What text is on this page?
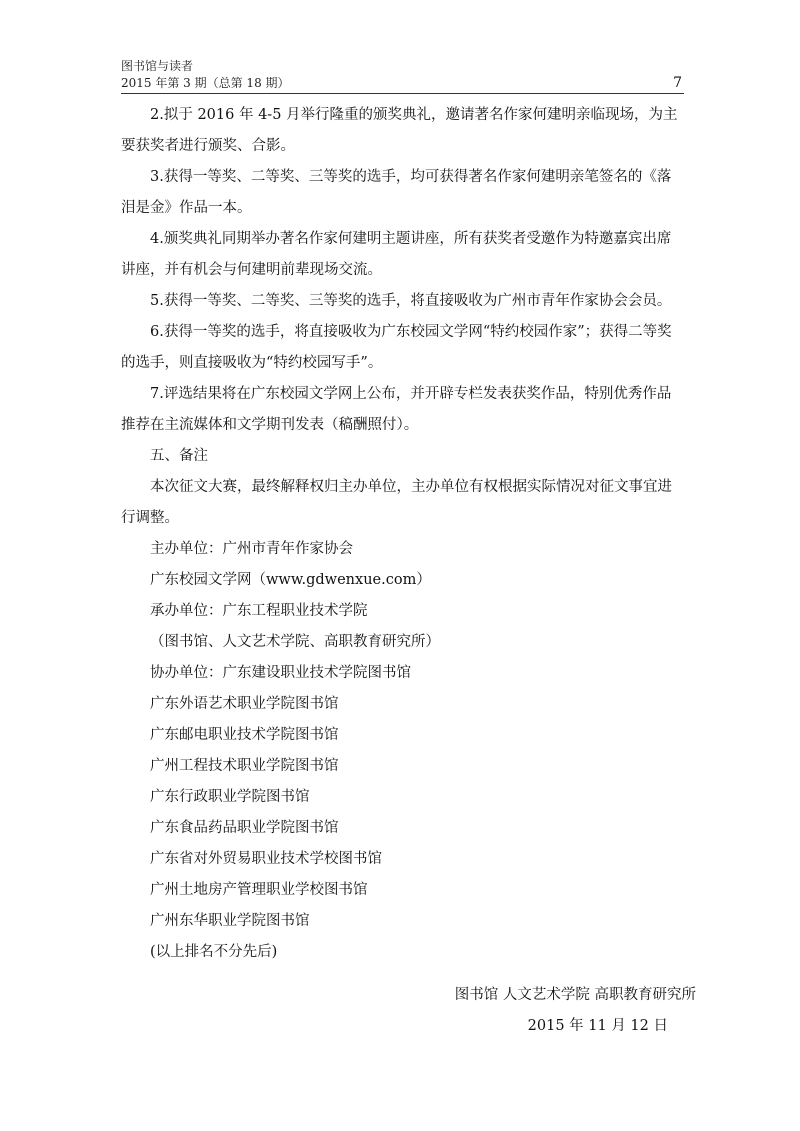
图书馆与读者
2015 年第 3 期（总第 18 期）	7

2.拟于 2016 年 4-5 月举行隆重的颁奖典礼，邀请著名作家何建明亲临现场，为主要获奖者进行颁奖、合影。

3.获得一等奖、二等奖、三等奖的选手，均可获得著名作家何建明亲笔签名的《落泪是金》作品一本。

4.颁奖典礼同期举办著名作家何建明主题讲座，所有获奖者受邀作为特邀嘉宾出席讲座，并有机会与何建明前辈现场交流。

5.获得一等奖、二等奖、三等奖的选手，将直接吸收为广州市青年作家协会会员。

6.获得一等奖的选手，将直接吸收为广东校园文学网“特约校园作家”；获得二等奖的选手，则直接吸收为“特约校园写手”。

7.评选结果将在广东校园文学网上公布，并开辟专栏发表获奖作品，特别优秀作品推荐在主流媒体和文学期刊发表（稿酬照付）。

五、备注

本次征文大赛，最终解释权归主办单位，主办单位有权根据实际情况对征文事宜进行调整。

主办单位：广州市青年作家协会

广东校园文学网（www.gdwenxue.com）

承办单位：广东工程职业技术学院

（图书馆、人文艺术学院、高职教育研究所）

协办单位：广东建设职业技术学院图书馆

广东外语艺术职业学院图书馆

广东邮电职业技术学院图书馆

广州工程技术职业学院图书馆

广东行政职业学院图书馆

广东食品药品职业学院图书馆

广东省对外贸易职业技术学校图书馆

广州土地房产管理职业学校图书馆

广州东华职业学院图书馆

(以上排名不分先后)

图书馆 人文艺术学院 高职教育研究所
2015 年 11 月 12 日
